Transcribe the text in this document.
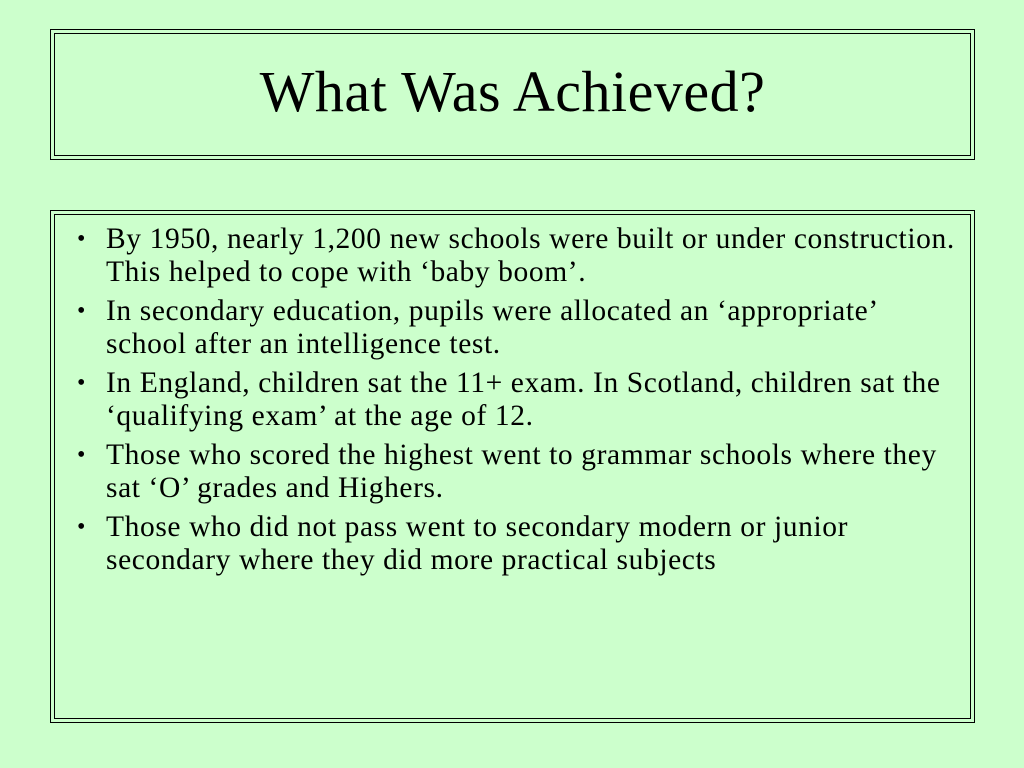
What Was Achieved?
• By 1950, nearly 1,200 new schools were built or under construction. This helped to cope with ‘baby boom’.
• In secondary education, pupils were allocated an ‘appropriate’ school after an intelligence test.
• In England, children sat the 11+ exam. In Scotland, children sat the ‘qualifying exam’ at the age of 12.
• Those who scored the highest went to grammar schools where they sat ‘O’ grades and Highers.
• Those who did not pass went to secondary modern or junior secondary where they did more practical subjects
